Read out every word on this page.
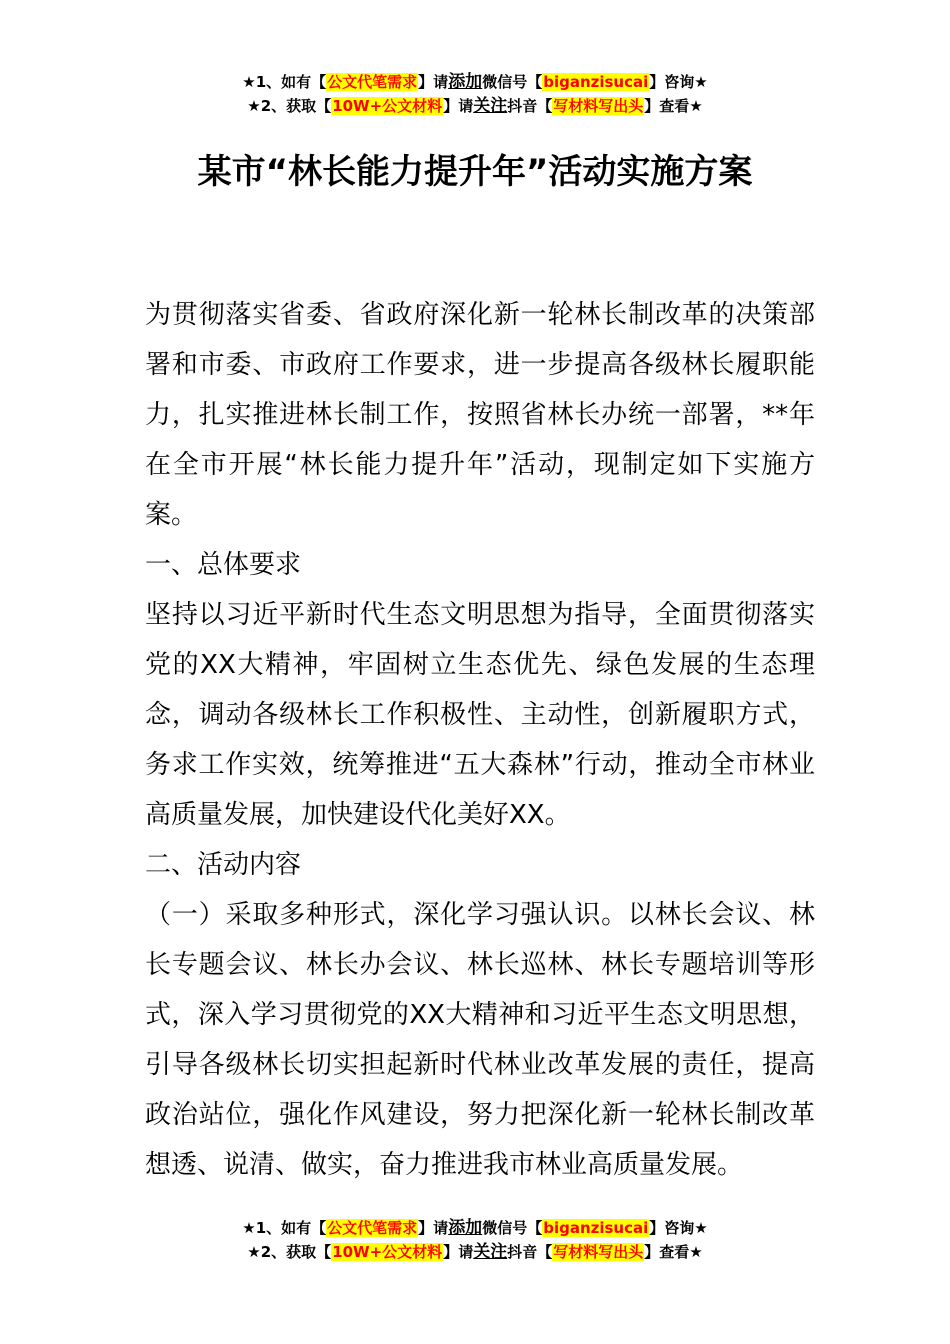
★1、如有【公文代笔需求】请添加微信号【biganzisucai】咨询★
★2、获取【10W+公文材料】请关注抖音【写材料写出头】查看★
某市“林长能力提升年”活动实施方案

为贯彻落实省委、省政府深化新一轮林长制改革的决策部署和市委、市政府工作要求，进一步提高各级林长履职能力，扎实推进林长制工作，按照省林长办统一部署，**年在全市开展“林长能力提升年”活动，现制定如下实施方案。

一、总体要求

坚持以习近平新时代生态文明思想为指导，全面贯彻落实党的XX大精神，牢固树立生态优先、绿色发展的生态理念，调动各级林长工作积极性、主动性，创新履职方式，务求工作实效，统筹推进“五大森林”行动，推动全市林业高质量发展，加快建设代化美好XX。

二、活动内容

（一）采取多种形式，深化学习强认识。以林长会议、林长专题会议、林长办会议、林长巡林、林长专题培训等形式，深入学习贯彻党的XX大精神和习近平生态文明思想，引导各级林长切实担起新时代林业改革发展的责任，提高政治站位，强化作风建设，努力把深化新一轮林长制改革想透、说清、做实，奋力推进我市林业高质量发展。

★1、如有【公文代笔需求】请添加微信号【biganzisucai】咨询★
★2、获取【10W+公文材料】请关注抖音【写材料写出头】查看★
